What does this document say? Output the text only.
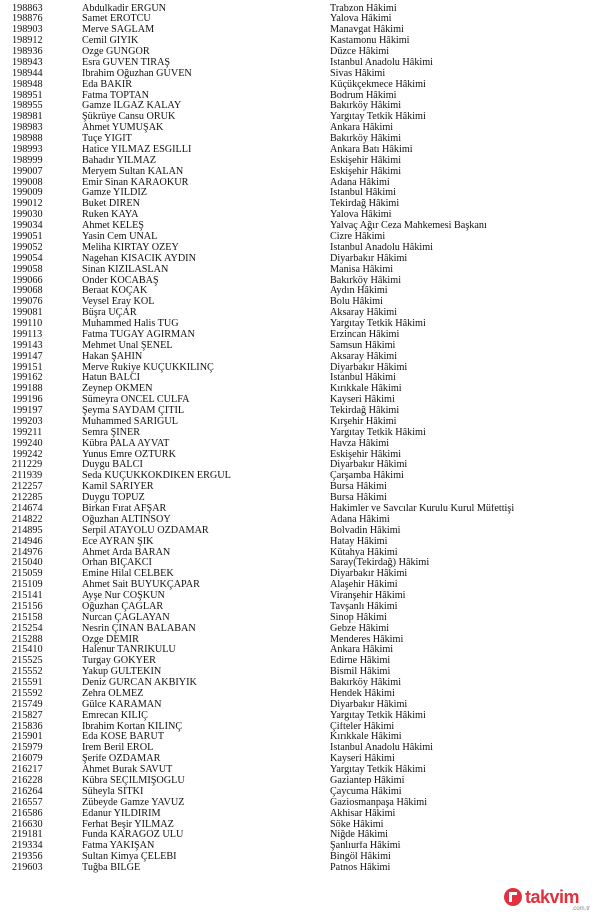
198863	Abdulkadir ERGÜN	Trabzon Hâkimi
198876	Samet ERÖTCÜ	Yalova Hâkimi
198903	Merve SAĞLAM	Manavgat Hâkimi
198912	Cemil GİYİK	Kastamonu Hâkimi
198936	Özge GÜNGÖR	Düzce Hâkimi
198943	Esra GÜVEN TİRAŞ	İstanbul Anadolu Hâkimi
198944	İbrahim Oğuzhan GÜVEN	Sivas Hâkimi
198948	Eda BAKIR	Küçükçekmece Hâkimi
198951	Fatma TOPTAN	Bodrum Hâkimi
198955	Gamze ILGAZ KALAY	Bakırköy Hâkimi
198981	Şükrüye Cansu ORUK	Yargıtay Tetkik Hâkimi
198983	Ahmet YUMUŞAK	Ankara Hâkimi
198988	Tuçe YİĞİT	Bakırköy Hâkimi
198993	Hatice YILMAZ ESGİLLİ	Ankara Batı Hâkimi
198999	Bahadır YILMAZ	Eskişehir Hâkimi
199007	Meryem Sultan KALAN	Eskişehir Hâkimi
199008	Emir Sinan KARAOKUR	Adana Hâkimi
199009	Gamze YILDIZ	İstanbul Hâkimi
199012	Buket DİREN	Tekirdağ Hâkimi
199030	Ruken KAYA	Yalova Hâkimi
199034	Ahmet KELEŞ	Yalvaç Ağır Ceza Mahkemesi Başkanı
199051	Yasin Cem ÜNAL	Cizre Hâkimi
199052	Meliha KIRTAY ÖZEY	İstanbul Anadolu Hâkimi
199054	Nagehan KISACIK AYDIN	Diyarbakır Hâkimi
199058	Sinan KIZILASLAN	Manisa Hâkimi
199066	Önder KOCABAŞ	Bakırköy Hâkimi
199068	Beraat KOÇAK	Aydın Hâkimi
199076	Veysel Eray KOL	Bolu Hâkimi
199081	Büşra UÇAR	Aksaray Hâkimi
199110	Muhammed Halis TUĞ	Yargıtay Tetkik Hâkimi
199113	Fatma TUGAY AĞIRMAN	Erzincan Hâkimi
199143	Mehmet Ünal ŞENEL	Samsun Hâkimi
199147	Hakan ŞAHİN	Aksaray Hâkimi
199151	Merve Rukiye KÜÇÜKKILINÇ	Diyarbakır Hâkimi
199162	Hatun BALCI	İstanbul Hâkimi
199188	Zeynep ÖKMEN	Kırıkkale Hâkimi
199196	Sümeyra ÖNCEL CULFA	Kayseri Hâkimi
199197	Şeyma SAYDAM ÇİTİL	Tekirdağ Hâkimi
199203	Muhammed SARIGÜL	Kırşehir Hâkimi
199211	Semra ŞİNER	Yargıtay Tetkik Hâkimi
199240	Kübra PALA AYVAT	Havza Hâkimi
199242	Yunus Emre ÖZTÜRK	Eskişehir Hâkimi
211229	Duygu BALCI	Diyarbakır Hâkimi
211939	Seda KÜÇÜKKÖKDİKEN ERGÜL	Çarşamba Hâkimi
212257	Kamil SARIYER	Bursa Hâkimi
212285	Duygu TOPUZ	Bursa Hâkimi
214674	Birkan Fırat AFŞAR	Hakimler ve Savcılar Kurulu Kurul Müfettişi
214822	Oğuzhan ALTINSOY	Adana Hâkimi
214895	Serpil ATAYOLU ÖZDAMAR	Bolvadin Hâkimi
214946	Ece AYRAN ŞIK	Hatay Hâkimi
214976	Ahmet Arda BARAN	Kütahya Hâkimi
215040	Orhan BIÇAKCI	Saray(Tekirdağ) Hâkimi
215059	Emine Hilal CELBEK	Diyarbakır Hâkimi
215109	Ahmet Sait BÜYÜKÇAPAR	Alaşehir Hâkimi
215141	Ayşe Nur COŞKUN	Viranşehir Hâkimi
215156	Oğuzhan ÇAĞLAR	Tavşanlı Hâkimi
215158	Nurcan ÇAĞLAYAN	Sinop Hâkimi
215254	Nesrin ÇİNAN BALABAN	Gebze Hâkimi
215288	Özge DEMİR	Menderes Hâkimi
215410	Halenur TANRIKULU	Ankara Hâkimi
215525	Turgay GÖKYER	Edirne Hâkimi
215552	Yakup GÜLTEKİN	Bismil Hâkimi
215591	Deniz GÜRCAN AKBIYIK	Bakırköy Hâkimi
215592	Zehra ÖLMEZ	Hendek Hâkimi
215749	Gülce KARAMAN	Diyarbakır Hâkimi
215827	Emrecan KILIÇ	Yargıtay Tetkik Hâkimi
215836	İbrahim Kortan KILINÇ	Çifteler Hâkimi
215901	Eda KÖSE BARUT	Kırıkkale Hâkimi
215979	İrem Beril EROL	İstanbul Anadolu Hâkimi
216079	Şerife ÖZDAMAR	Kayseri Hâkimi
216217	Ahmet Burak SAVUT	Yargıtay Tetkik Hâkimi
216228	Kübra SEÇİLMİŞOĞLU	Gaziantep Hâkimi
216264	Süheyla SITKI	Çaycuma Hâkimi
216557	Zübeyde Gamze YAVUZ	Gaziosmanpaşa Hâkimi
216586	Edanur YILDIRIM	Akhisar Hâkimi
216630	Ferhat Beşir YILMAZ	Söke Hâkimi
219181	Funda KARAGÖZ ULU	Niğde Hâkimi
219334	Fatma YAKIŞAN	Şanlıurfa Hâkimi
219356	Sultan Kimya ÇELEBİ	Bingöl Hâkimi
219603	Tuğba BİLGE	Patnos Hâkimi
takvim
.com.tr
